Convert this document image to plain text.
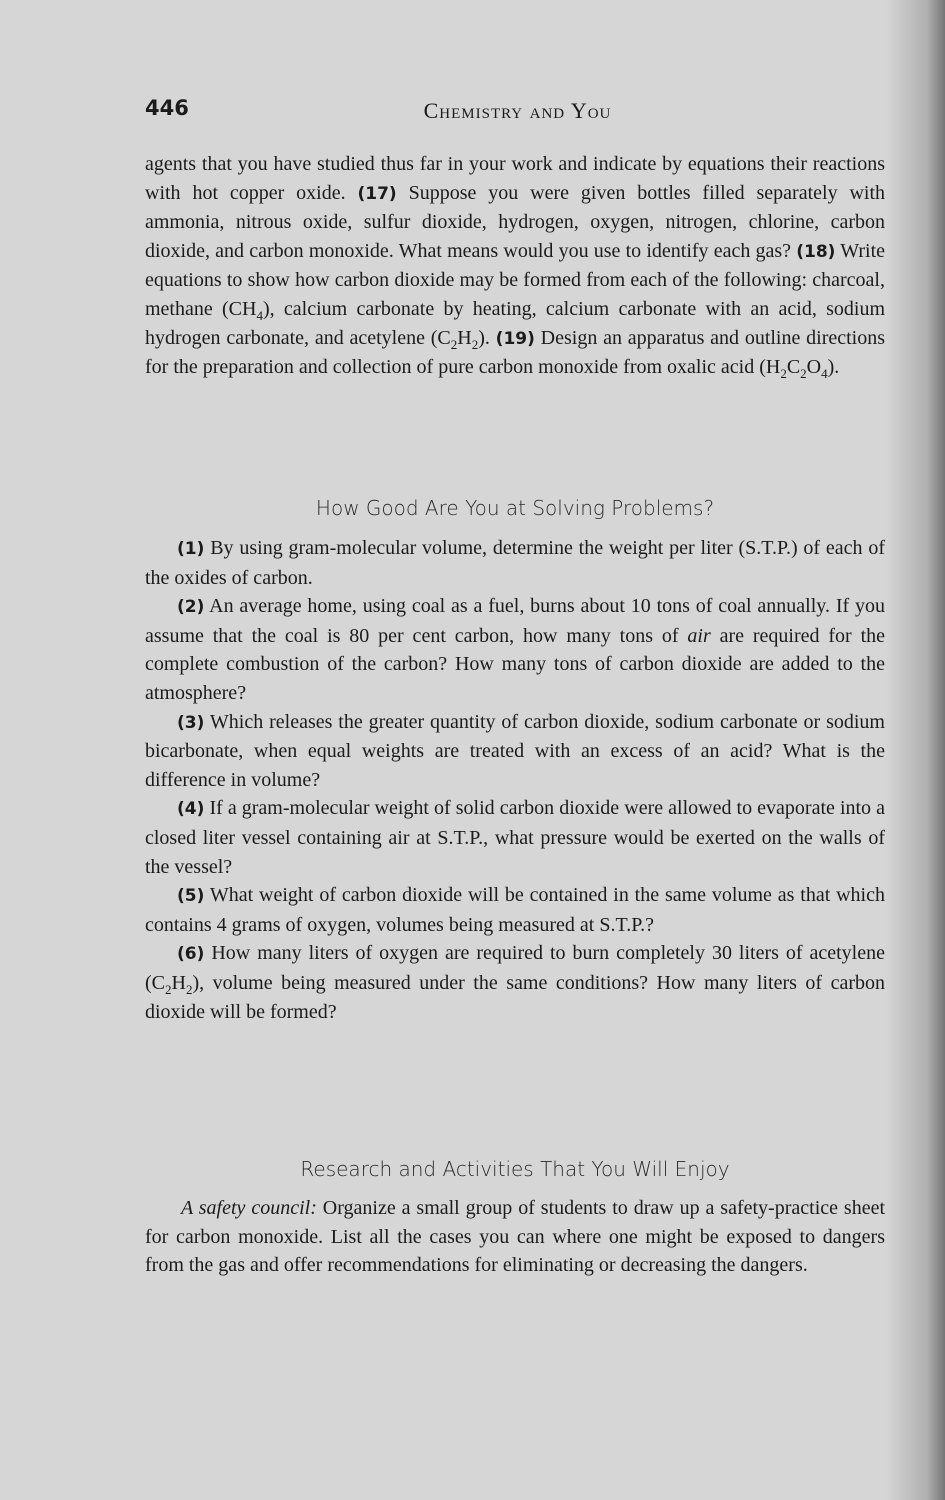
446	Chemistry and You

agents that you have studied thus far in your work and indicate by equations their reactions with hot copper oxide. (17) Suppose you were given bottles filled separately with ammonia, nitrous oxide, sulfur dioxide, hydrogen, oxygen, nitrogen, chlorine, carbon dioxide, and carbon monoxide. What means would you use to identify each gas? (18) Write equations to show how carbon dioxide may be formed from each of the following: charcoal, methane $(CH_4)$, calcium carbonate by heating, calcium carbonate with an acid, sodium hydrogen carbonate, and acetylene $(C_2H_2)$. (19) Design an apparatus and outline directions for the preparation and collection of pure carbon monoxide from oxalic acid $(H_2C_2O_4)$.

How Good Are You at Solving Problems?

(1) By using gram-molecular volume, determine the weight per liter (S.T.P.) of each of the oxides of carbon.

(2) An average home, using coal as a fuel, burns about 10 tons of coal annually. If you assume that the coal is 80 per cent carbon, how many tons of air are required for the complete combustion of the carbon? How many tons of carbon dioxide are added to the atmosphere?

(3) Which releases the greater quantity of carbon dioxide, sodium carbonate or sodium bicarbonate, when equal weights are treated with an excess of an acid? What is the difference in volume?

(4) If a gram-molecular weight of solid carbon dioxide were allowed to evaporate into a closed liter vessel containing air at S.T.P., what pressure would be exerted on the walls of the vessel?

(5) What weight of carbon dioxide will be contained in the same volume as that which contains 4 grams of oxygen, volumes being measured at S.T.P.?

(6) How many liters of oxygen are required to burn completely 30 liters of acetylene $(C_2H_2)$, volume being measured under the same conditions? How many liters of carbon dioxide will be formed?

Research and Activities That You Will Enjoy

A safety council: Organize a small group of students to draw up a safety-practice sheet for carbon monoxide. List all the cases you can where one might be exposed to dangers from the gas and offer recommendations for eliminating or decreasing the dangers.
